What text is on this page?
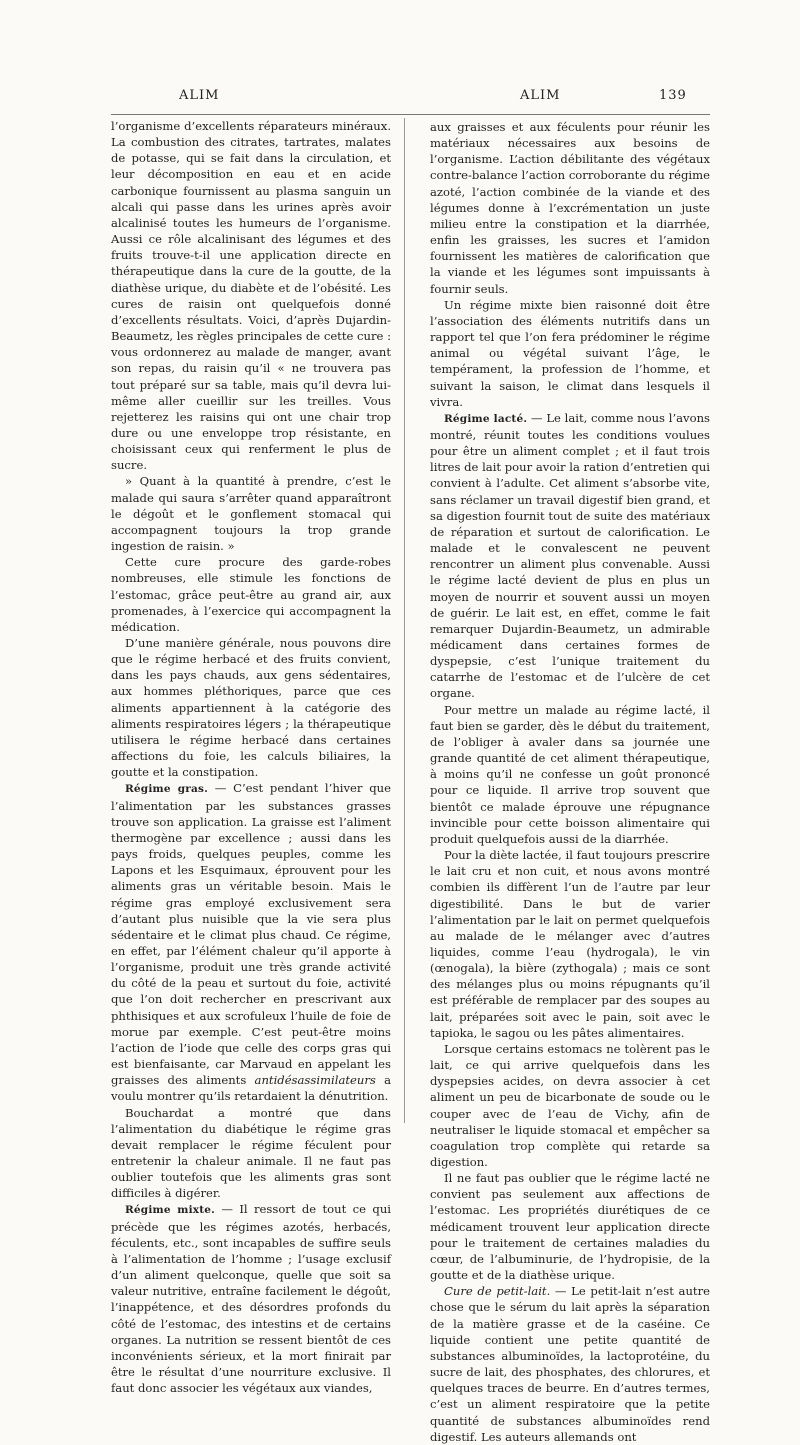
ALIM	ALIM	139

l’organisme d’excellents réparateurs minéraux. La combustion des citrates, tartrates, malates de potasse, qui se fait dans la circulation, et leur décomposition en eau et en acide carbonique fournissent au plasma sanguin un alcali qui passe dans les urines après avoir alcalinisé toutes les humeurs de l’organisme. Aussi ce rôle alcalinisant des légumes et des fruits trouve-t-il une application directe en thérapeutique dans la cure de la goutte, de la diathèse urique, du diabète et de l’obésité. Les cures de raisin ont quelquefois donné d’excellents résultats. Voici, d’après Dujardin-Beaumetz, les règles principales de cette cure : vous ordonnerez au malade de manger, avant son repas, du raisin qu’il « ne trouvera pas tout préparé sur sa table, mais qu’il devra lui-même aller cueillir sur les treilles. Vous rejetterez les raisins qui ont une chair trop dure ou une enveloppe trop résistante, en choisissant ceux qui renferment le plus de sucre.

» Quant à la quantité à prendre, c’est le malade qui saura s’arrêter quand apparaîtront le dégoût et le gonflement stomacal qui accompagnent toujours la trop grande ingestion de raisin. »

Cette cure procure des garde-robes nombreuses, elle stimule les fonctions de l’estomac, grâce peut-être au grand air, aux promenades, à l’exercice qui accompagnent la médication.

D’une manière générale, nous pouvons dire que le régime herbacé et des fruits convient, dans les pays chauds, aux gens sédentaires, aux hommes pléthoriques, parce que ces aliments appartiennent à la catégorie des aliments respiratoires légers ; la thérapeutique utilisera le régime herbacé dans certaines affections du foie, les calculs biliaires, la goutte et la constipation.

Régime gras. — C’est pendant l’hiver que l’alimentation par les substances grasses trouve son application. La graisse est l’aliment thermogène par excellence ; aussi dans les pays froids, quelques peuples, comme les Lapons et les Esquimaux, éprouvent pour les aliments gras un véritable besoin. Mais le régime gras employé exclusivement sera d’autant plus nuisible que la vie sera plus sédentaire et le climat plus chaud. Ce régime, en effet, par l’élément chaleur qu’il apporte à l’organisme, produit une très grande activité du côté de la peau et surtout du foie, activité que l’on doit rechercher en prescrivant aux phthisiques et aux scrofuleux l’huile de foie de morue par exemple. C’est peut-être moins l’action de l’iode que celle des corps gras qui est bienfaisante, car Marvaud en appelant les graisses des aliments antidésassimilateurs a voulu montrer qu’ils retardaient la dénutrition.

Bouchardat a montré que dans l’alimentation du diabétique le régime gras devait remplacer le régime féculent pour entretenir la chaleur animale. Il ne faut pas oublier toutefois que les aliments gras sont difficiles à digérer.

Régime mixte. — Il ressort de tout ce qui précède que les régimes azotés, herbacés, féculents, etc., sont incapables de suffire seuls à l’alimentation de l’homme ; l’usage exclusif d’un aliment quelconque, quelle que soit sa valeur nutritive, entraîne facilement le dégoût, l’inappétence, et des désordres profonds du côté de l’estomac, des intestins et de certains organes. La nutrition se ressent bientôt de ces inconvénients sérieux, et la mort finirait par être le résultat d’une nourriture exclusive. Il faut donc associer les végétaux aux viandes,

aux graisses et aux féculents pour réunir les matériaux nécessaires aux besoins de l’organisme. L’action débilitante des végétaux contre-balance l’action corroborante du régime azoté, l’action combinée de la viande et des légumes donne à l’excrémentation un juste milieu entre la constipation et la diarrhée, enfin les graisses, les sucres et l’amidon fournissent les matières de calorification que la viande et les légumes sont impuissants à fournir seuls.

Un régime mixte bien raisonné doit être l’association des éléments nutritifs dans un rapport tel que l’on fera prédominer le régime animal ou végétal suivant l’âge, le tempérament, la profession de l’homme, et suivant la saison, le climat dans lesquels il vivra.

Régime lacté. — Le lait, comme nous l’avons montré, réunit toutes les conditions voulues pour être un aliment complet ; et il faut trois litres de lait pour avoir la ration d’entretien qui convient à l’adulte. Cet aliment s’absorbe vite, sans réclamer un travail digestif bien grand, et sa digestion fournit tout de suite des matériaux de réparation et surtout de calorification. Le malade et le convalescent ne peuvent rencontrer un aliment plus convenable. Aussi le régime lacté devient de plus en plus un moyen de nourrir et souvent aussi un moyen de guérir. Le lait est, en effet, comme le fait remarquer Dujardin-Beaumetz, un admirable médicament dans certaines formes de dyspepsie, c’est l’unique traitement du catarrhe de l’estomac et de l’ulcère de cet organe.

Pour mettre un malade au régime lacté, il faut bien se garder, dès le début du traitement, de l’obliger à avaler dans sa journée une grande quantité de cet aliment thérapeutique, à moins qu’il ne confesse un goût prononcé pour ce liquide. Il arrive trop souvent que bientôt ce malade éprouve une répugnance invincible pour cette boisson alimentaire qui produit quelquefois aussi de la diarrhée.

Pour la diète lactée, il faut toujours prescrire le lait cru et non cuit, et nous avons montré combien ils diffèrent l’un de l’autre par leur digestibilité. Dans le but de varier l’alimentation par le lait on permet quelquefois au malade de le mélanger avec d’autres liquides, comme l’eau (hydrogala), le vin (œnogala), la bière (zythogala) ; mais ce sont des mélanges plus ou moins répugnants qu’il est préférable de remplacer par des soupes au lait, préparées soit avec le pain, soit avec le tapioka, le sagou ou les pâtes alimentaires.

Lorsque certains estomacs ne tolèrent pas le lait, ce qui arrive quelquefois dans les dyspepsies acides, on devra associer à cet aliment un peu de bicarbonate de soude ou le couper avec de l’eau de Vichy, afin de neutraliser le liquide stomacal et empêcher sa coagulation trop complète qui retarde sa digestion.

Il ne faut pas oublier que le régime lacté ne convient pas seulement aux affections de l’estomac. Les propriétés diurétiques de ce médicament trouvent leur application directe pour le traitement de certaines maladies du cœur, de l’albuminurie, de l’hydropisie, de la goutte et de la diathèse urique.

Cure de petit-lait. — Le petit-lait n’est autre chose que le sérum du lait après la séparation de la matière grasse et de la caséine. Ce liquide contient une petite quantité de substances albuminoïdes, la lactoprotéine, du sucre de lait, des phosphates, des chlorures, et quelques traces de beurre. En d’autres termes, c’est un aliment respiratoire que la petite quantité de substances albuminoïdes rend digestif. Les auteurs allemands ont
